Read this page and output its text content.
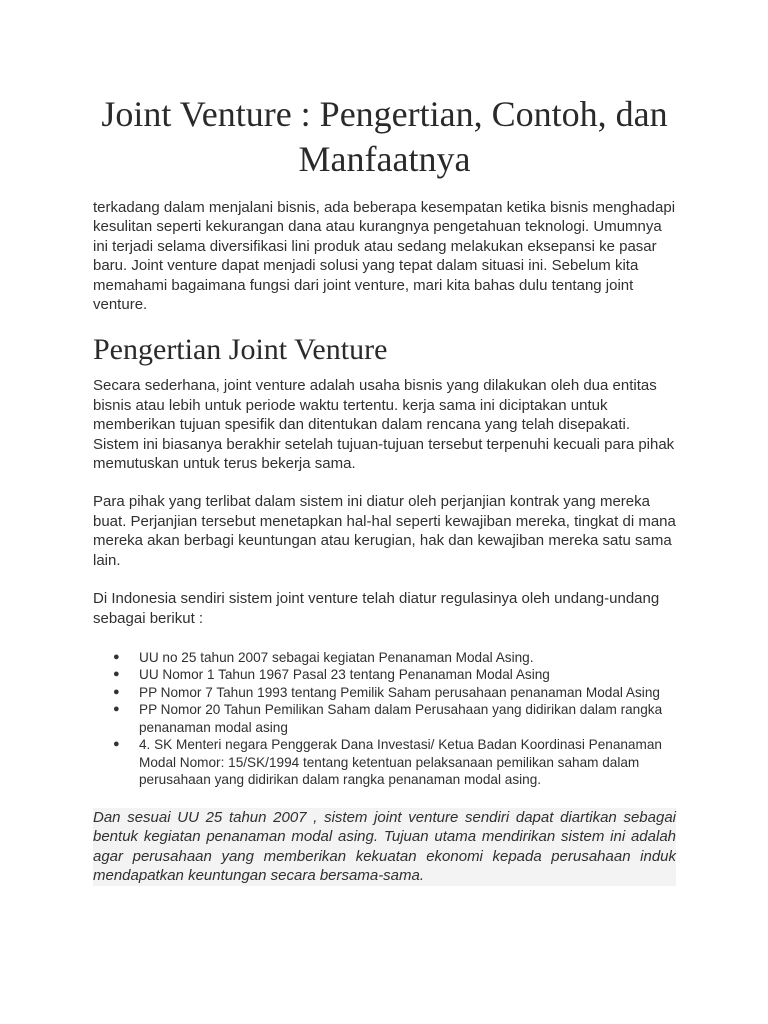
Joint Venture : Pengertian, Contoh, dan Manfaatnya

terkadang dalam menjalani bisnis, ada beberapa kesempatan ketika bisnis menghadapi kesulitan seperti kekurangan dana atau kurangnya pengetahuan teknologi. Umumnya ini terjadi selama diversifikasi lini produk atau sedang melakukan eksepansi ke pasar baru. Joint venture dapat menjadi solusi yang tepat dalam situasi ini. Sebelum kita memahami bagaimana fungsi dari joint venture, mari kita bahas dulu tentang joint venture.

Pengertian Joint Venture

Secara sederhana, joint venture adalah usaha bisnis yang dilakukan oleh dua entitas bisnis atau lebih untuk periode waktu tertentu. kerja sama ini diciptakan untuk memberikan tujuan spesifik dan ditentukan dalam rencana yang telah disepakati. Sistem ini biasanya berakhir setelah tujuan-tujuan tersebut terpenuhi kecuali para pihak memutuskan untuk terus bekerja sama.

Para pihak yang terlibat dalam sistem ini diatur oleh perjanjian kontrak yang mereka buat. Perjanjian tersebut menetapkan hal-hal seperti kewajiban mereka, tingkat di mana mereka akan berbagi keuntungan atau kerugian, hak dan kewajiban mereka satu sama lain.

Di Indonesia sendiri sistem joint venture telah diatur regulasinya oleh undang-undang sebagai berikut :

● UU no 25 tahun 2007 sebagai kegiatan Penanaman Modal Asing.
● UU Nomor 1 Tahun 1967 Pasal 23 tentang Penanaman Modal Asing
● PP Nomor 7 Tahun 1993 tentang Pemilik Saham perusahaan penanaman Modal Asing
● PP Nomor 20 Tahun Pemilikan Saham dalam Perusahaan yang didirikan dalam rangka penanaman modal asing
● 4. SK Menteri negara Penggerak Dana Investasi/ Ketua Badan Koordinasi Penanaman Modal Nomor: 15/SK/1994 tentang ketentuan pelaksanaan pemilikan saham dalam perusahaan yang didirikan dalam rangka penanaman modal asing.
Dan sesuai UU 25 tahun 2007 , sistem joint venture sendiri dapat diartikan sebagai bentuk kegiatan penanaman modal asing. Tujuan utama mendirikan sistem ini adalah agar perusahaan yang memberikan kekuatan ekonomi kepada perusahaan induk mendapatkan keuntungan secara bersama-sama.
